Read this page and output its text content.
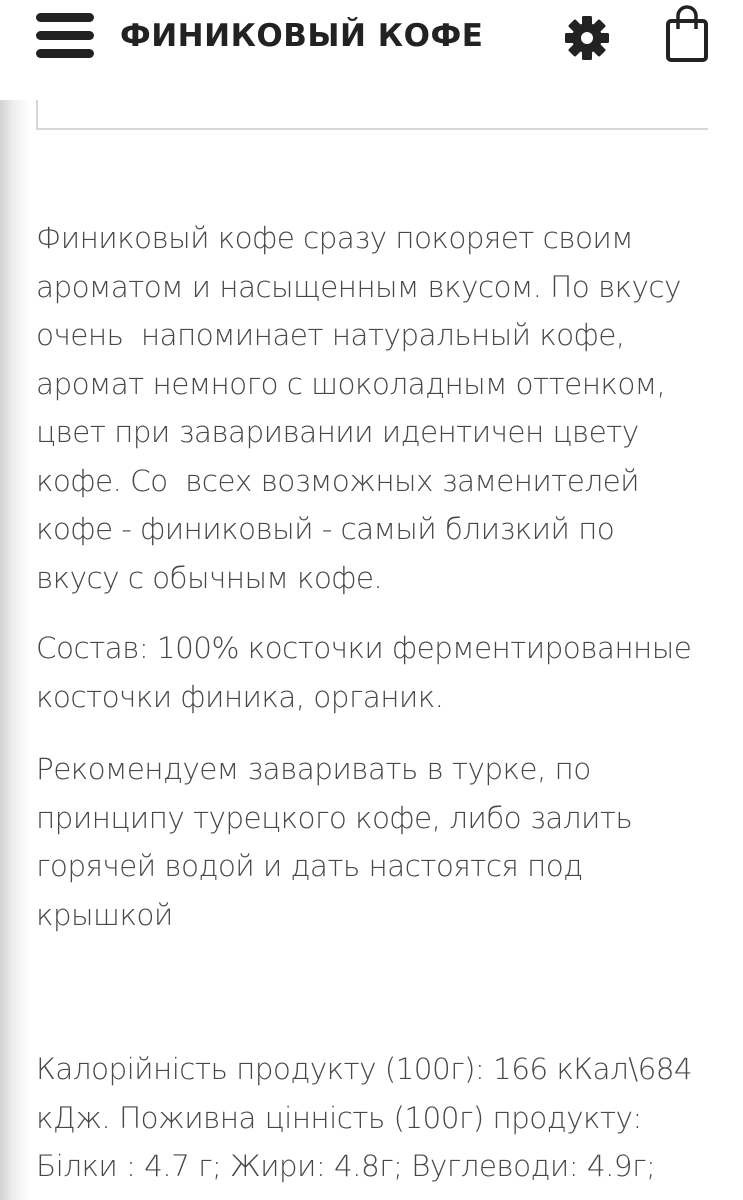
ФИНИКОВЫЙ КОФЕ

Финиковый кофе сразу покоряет своим
ароматом и насыщенным вкусом. По вкусу
очень  напоминает натуральный кофе,
аромат немного с шоколадным оттенком,
цвет при заваривании идентичен цвету
кофе. Со  всех возможных заменителей
кофе - финиковый - самый близкий по
вкусу с обычным кофе.

Состав: 100% косточки ферментированные
косточки финика, органик.

Рекомендуем заваривать в турке, по
принципу турецкого кофе, либо залить
горячей водой и дать настоятся под
крышкой

Калорійність продукту (100г): 166 кКал\684
кДж. Поживна цінність (100г) продукту:
Білки : 4.7 г; Жири: 4.8г; Вуглеводи: 4.9г;
